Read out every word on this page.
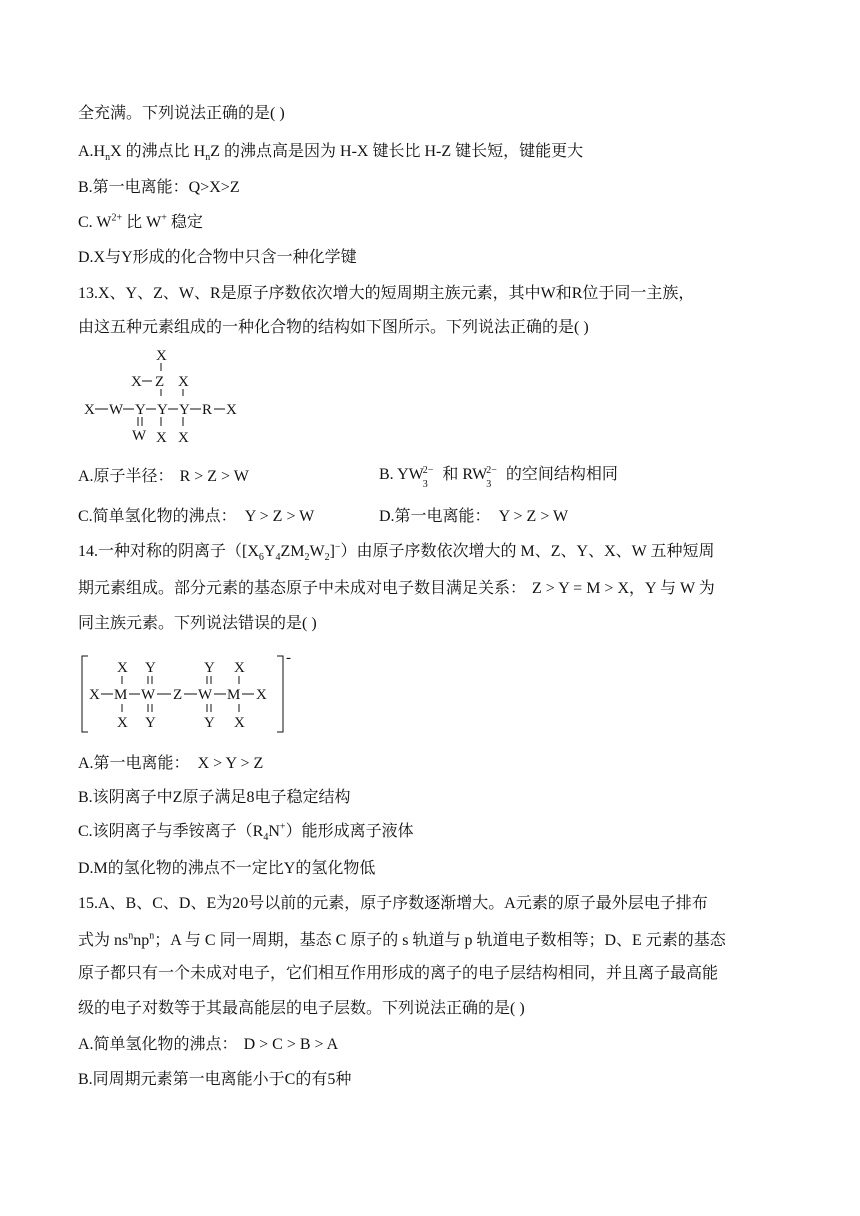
全充满。下列说法正确的是( )
$A.H_nX$ 的沸点比 $H_nZ$ 的沸点高是因为 H-X 键长比 H-Z 键长短，键能更大
B.第一电离能：Q>X>Z
C. $W^{2+}$ 比 W+ 稳定
D.X与Y形成的化合物中只含一种化学键
13.X、Y、Z、W、R是原子序数依次增大的短周期主族元素，其中W和R位于同一主族，
由这五种元素组成的一种化合物的结构如下图所示。下列说法正确的是( )
X
X Z X
X W Y Y Y R X
W X X
A.原子半径： R > Z > W	B. $YW_3^{2-}$ 和 $RW_3^{2-}$ 的空间结构相同
C.简单氢化物的沸点： Y > Z > W	D.第一电离能： Y > Z > W
14.一种对称的阴离子$([X_6Y_4ZM_2W_2]^-)$由原子序数依次增大的 M、Z、Y、X、W 五种短周
期元素组成。部分元素的基态原子中未成对电子数目满足关系： Z > Y = M > X，Y 与 W 为
同主族元素。下列说法错误的是( )
-
X Y	Y X
X M W Z W M X
X Y	Y X
A.第一电离能： X > Y > Z
B.该阴离子中Z原子满足8电子稳定结构
C.该阴离子与季铵离子$(R_4N^+)$能形成离子液体
D.M的氢化物的沸点不一定比Y的氢化物低
15.A、B、C、D、E为20号以前的元素，原子序数逐渐增大。A元素的原子最外层电子排布
式为 $ns^nnp^n$；A 与 C 同一周期，基态 C 原子的 s 轨道与 p 轨道电子数相等；D、E 元素的基态
原子都只有一个未成对电子，它们相互作用形成的离子的电子层结构相同，并且离子最高能
级的电子对数等于其最高能层的电子层数。下列说法正确的是( )
A.简单氢化物的沸点： D > C > B > A
B.同周期元素第一电离能小于C的有5种
